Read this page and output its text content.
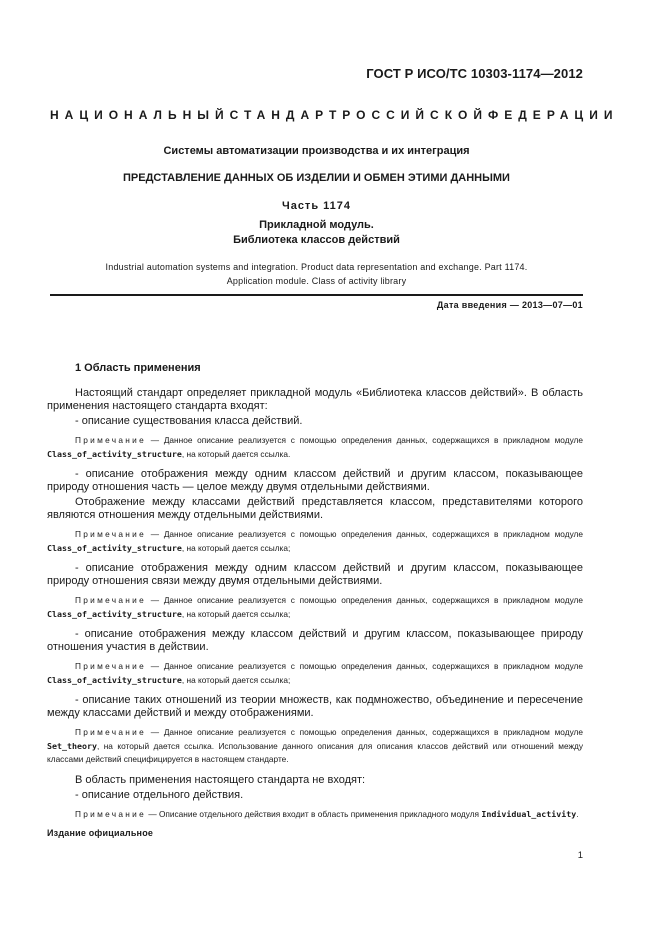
ГОСТ Р ИСО/ТС 10303-1174—2012
НАЦИОНАЛЬНЫЙ СТАНДАРТ РОССИЙСКОЙ ФЕДЕРАЦИИ
Системы автоматизации производства и их интеграция
ПРЕДСТАВЛЕНИЕ ДАННЫХ ОБ ИЗДЕЛИИ И ОБМЕН ЭТИМИ ДАННЫМИ
Часть 1174
Прикладной модуль.
Библиотека классов действий
Industrial automation systems and integration. Product data representation and exchange. Part 1174.
Application module. Class of activity library
Дата введения — 2013—07—01
1 Область применения
Настоящий стандарт определяет прикладной модуль «Библиотека классов действий». В область применения настоящего стандарта входят:
- описание существования класса действий.
Примечание — Данное описание реализуется с помощью определения данных, содержащихся в прикладном модуле Class_of_activity_structure, на который дается ссылка.
- описание отображения между одним классом действий и другим классом, показывающее природу отношения часть — целое между двумя отдельными действиями.
Отображение между классами действий представляется классом, представителями которого являются отношения между отдельными действиями.
Примечание — Данное описание реализуется с помощью определения данных, содержащихся в прикладном модуле Class_of_activity_structure, на который дается ссылка;
- описание отображения между одним классом действий и другим классом, показывающее природу отношения связи между двумя отдельными действиями.
Примечание — Данное описание реализуется с помощью определения данных, содержащихся в прикладном модуле Class_of_activity_structure, на который дается ссылка;
- описание отображения между классом действий и другим классом, показывающее природу отношения участия в действии.
Примечание — Данное описание реализуется с помощью определения данных, содержащихся в прикладном модуле Class_of_activity_structure, на который дается ссылка;
- описание таких отношений из теории множеств, как подмножество, объединение и пересечение между классами действий и между отображениями.
Примечание — Данное описание реализуется с помощью определения данных, содержащихся в прикладном модуле Set_theory, на который дается ссылка. Использование данного описания для описания классов действий или отношений между классами действий специфицируется в настоящем стандарте.
В область применения настоящего стандарта не входят:
- описание отдельного действия.
Примечание — Описание отдельного действия входит в область применения прикладного модуля Individual_activity.
Издание официальное
1
